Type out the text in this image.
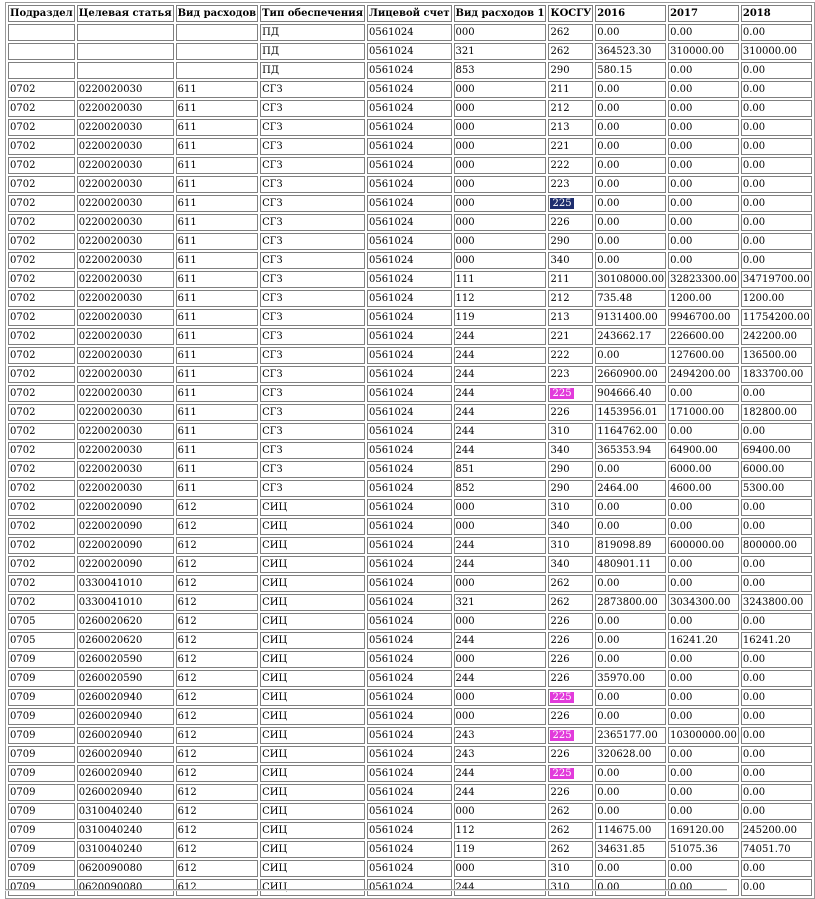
Подраздел	Целевая статья	Вид расходов	Тип обеспечения	Лицевой счет	Вид расходов 1	КОСГУ	2016	2017	2018
			ПД	0561024	000	262	0.00	0.00	0.00
			ПД	0561024	321	262	364523.30	310000.00	310000.00
			ПД	0561024	853	290	580.15	0.00	0.00
0702	0220020030	611	СГЗ	0561024	000	211	0.00	0.00	0.00
0702	0220020030	611	СГЗ	0561024	000	212	0.00	0.00	0.00
0702	0220020030	611	СГЗ	0561024	000	213	0.00	0.00	0.00
0702	0220020030	611	СГЗ	0561024	000	221	0.00	0.00	0.00
0702	0220020030	611	СГЗ	0561024	000	222	0.00	0.00	0.00
0702	0220020030	611	СГЗ	0561024	000	223	0.00	0.00	0.00
0702	0220020030	611	СГЗ	0561024	000	225	0.00	0.00	0.00
0702	0220020030	611	СГЗ	0561024	000	226	0.00	0.00	0.00
0702	0220020030	611	СГЗ	0561024	000	290	0.00	0.00	0.00
0702	0220020030	611	СГЗ	0561024	000	340	0.00	0.00	0.00
0702	0220020030	611	СГЗ	0561024	111	211	30108000.00	32823300.00	34719700.00
0702	0220020030	611	СГЗ	0561024	112	212	735.48	1200.00	1200.00
0702	0220020030	611	СГЗ	0561024	119	213	9131400.00	9946700.00	11754200.00
0702	0220020030	611	СГЗ	0561024	244	221	243662.17	226600.00	242200.00
0702	0220020030	611	СГЗ	0561024	244	222	0.00	127600.00	136500.00
0702	0220020030	611	СГЗ	0561024	244	223	2660900.00	2494200.00	1833700.00
0702	0220020030	611	СГЗ	0561024	244	225	904666.40	0.00	0.00
0702	0220020030	611	СГЗ	0561024	244	226	1453956.01	171000.00	182800.00
0702	0220020030	611	СГЗ	0561024	244	310	1164762.00	0.00	0.00
0702	0220020030	611	СГЗ	0561024	244	340	365353.94	64900.00	69400.00
0702	0220020030	611	СГЗ	0561024	851	290	0.00	6000.00	6000.00
0702	0220020030	611	СГЗ	0561024	852	290	2464.00	4600.00	5300.00
0702	0220020090	612	СИЦ	0561024	000	310	0.00	0.00	0.00
0702	0220020090	612	СИЦ	0561024	000	340	0.00	0.00	0.00
0702	0220020090	612	СИЦ	0561024	244	310	819098.89	600000.00	800000.00
0702	0220020090	612	СИЦ	0561024	244	340	480901.11	0.00	0.00
0702	0330041010	612	СИЦ	0561024	000	262	0.00	0.00	0.00
0702	0330041010	612	СИЦ	0561024	321	262	2873800.00	3034300.00	3243800.00
0705	0260020620	612	СИЦ	0561024	000	226	0.00	0.00	0.00
0705	0260020620	612	СИЦ	0561024	244	226	0.00	16241.20	16241.20
0709	0260020590	612	СИЦ	0561024	000	226	0.00	0.00	0.00
0709	0260020590	612	СИЦ	0561024	244	226	35970.00	0.00	0.00
0709	0260020940	612	СИЦ	0561024	000	225	0.00	0.00	0.00
0709	0260020940	612	СИЦ	0561024	000	226	0.00	0.00	0.00
0709	0260020940	612	СИЦ	0561024	243	225	2365177.00	10300000.00	0.00
0709	0260020940	612	СИЦ	0561024	243	226	320628.00	0.00	0.00
0709	0260020940	612	СИЦ	0561024	244	225	0.00	0.00	0.00
0709	0260020940	612	СИЦ	0561024	244	226	0.00	0.00	0.00
0709	0310040240	612	СИЦ	0561024	000	262	0.00	0.00	0.00
0709	0310040240	612	СИЦ	0561024	112	262	114675.00	169120.00	245200.00
0709	0310040240	612	СИЦ	0561024	119	262	34631.85	51075.36	74051.70
0709	0620090080	612	СИЦ	0561024	000	310	0.00	0.00	0.00
0709	0620090080	612	СИЦ	0561024	244	310	0.00	0.00	0.00
